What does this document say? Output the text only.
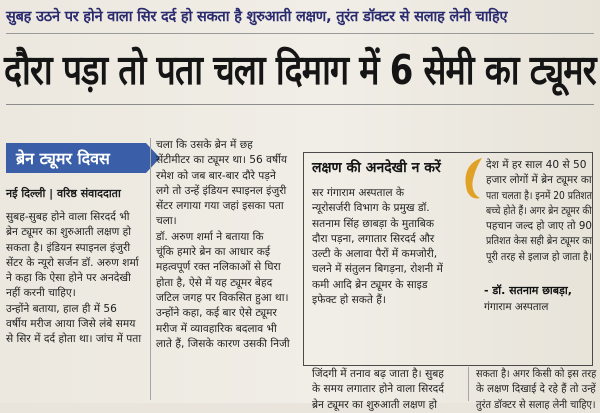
सुबह उठने पर होने वाला सिर दर्द हो सकता है शुरुआती लक्षण, तुरंत डॉक्टर से सलाह लेनी चाहिए
दौरा पड़ा तो पता चला दिमाग में 6 सेमी का ट्यूमर
ब्रेन ट्यूमर दिवस
नई दिल्ली | वरिष्ठ संवाददाता

सुबह-सुबह होने वाला सिरदर्द भी

ब्रेन ट्यूमर का शुरुआती लक्षण हो

सकता है। इंडियन स्पाइनल इंजुरी

सेंटर के न्यूरो सर्जन डॉ. अरुण शर्मा

ने कहा कि ऐसा होने पर अनदेखी

नहीं करनी चाहिए।

उन्होंने बताया, हाल ही में 56

वर्षीय मरीज आया जिसे लंबे समय

से सिर में दर्द होता था। जांच में पता

चला कि उसके ब्रेन में छह

सेंटीमीटर का ट्यूमर था। 56 वर्षीय

रमेश को जब बार-बार दौरे पड़ने

लगे तो उन्हें इंडियन स्पाइनल इंजुरी

सेंटर लगाया गया जहां इसका पता

चला।

डॉ. अरुण शर्मा ने बताया कि

चूंकि हमारे ब्रेन का आधार कई

महत्वपूर्ण रक्त नलिकाओं से घिरा

होता है, ऐसे में यह ट्यूमर बेहद

जटिल जगह पर विकसित हुआ था।

उन्होंने कहा, कई बार ऐसे ट्यूमर

मरीज में व्यावहारिक बदलाव भी

लाते हैं, जिसके कारण उसकी निजी

लक्षण की अनदेखी न करें

सर गंगाराम अस्पताल के

न्यूरोसर्जरी विभाग के प्रमुख डॉ.

सतनाम सिंह छाबड़ा के मुताबिक

दौरा पड़ना, लगातार सिरदर्द और

उल्टी के अलावा पैरों में कमजोरी,

चलने में संतुलन बिगड़ना, रोशनी में

कमी आदि ब्रेन ट्यूमर के साइड

इफेक्ट हो सकते हैं।

देश में हर साल 40 से 50

हजार लोगों में ब्रेन ट्यूमर का

पता चलता है। इनमें 20 प्रतिशत

बच्चे होते हैं। अगर ब्रेन ट्यूमर की

पहचान जल्द हो जाए तो 90

प्रतिशत केस सही ब्रेन ट्यूमर का

पूरी तरह से इलाज हो जाता है।

- डॉ. सतनाम छाबड़ा,
गंगाराम अस्पताल

जिंदगी में तनाव बढ़ जाता है। सुबह

के समय लगातार होने वाला सिरदर्द

ब्रेन ट्यूमर का शुरुआती लक्षण हो

सकता है। अगर किसी को इस तरह

के लक्षण दिखाई दे रहे हैं तो उन्हें

तुरंत डॉक्टर से सलाह लेनी चाहिए।
